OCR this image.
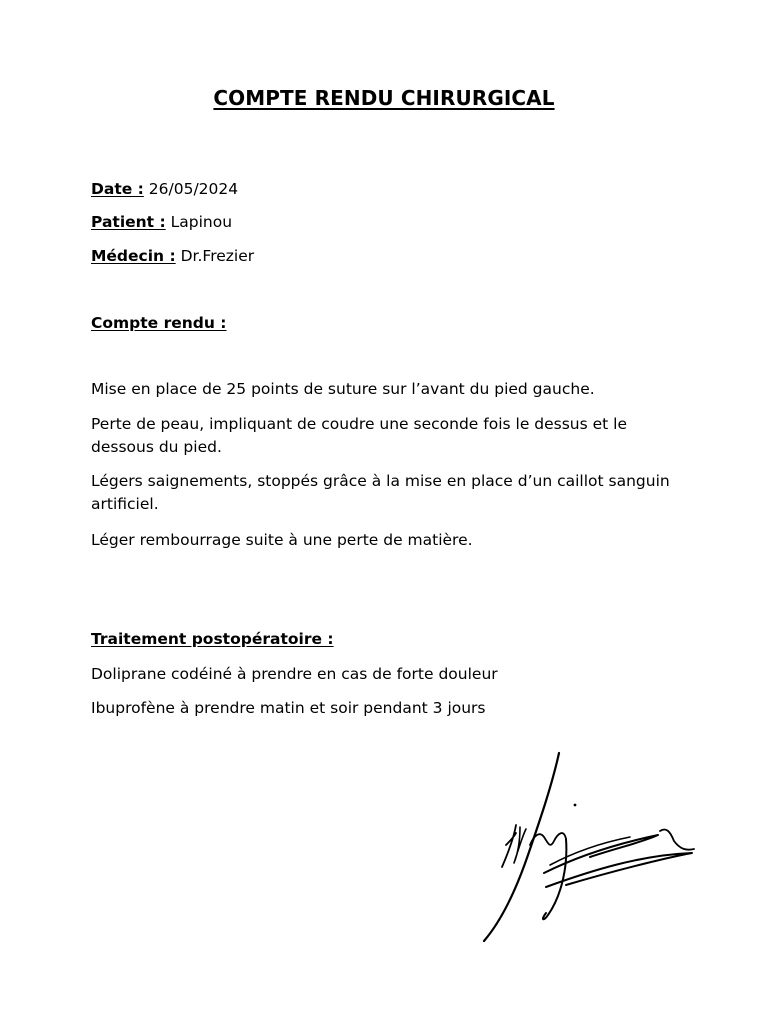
COMPTE RENDU CHIRURGICAL
Date : 26/05/2024
Patient : Lapinou
Médecin : Dr.Frezier
Compte rendu :
Mise en place de 25 points de suture sur l’avant du pied gauche.
Perte de peau, impliquant de coudre une seconde fois le dessus et le dessous du pied.
Légers saignements, stoppés grâce à la mise en place d’un caillot sanguin artificiel.
Léger rembourrage suite à une perte de matière.
Traitement postopératoire :
Doliprane codéiné à prendre en cas de forte douleur
Ibuprofène à prendre matin et soir pendant 3 jours
